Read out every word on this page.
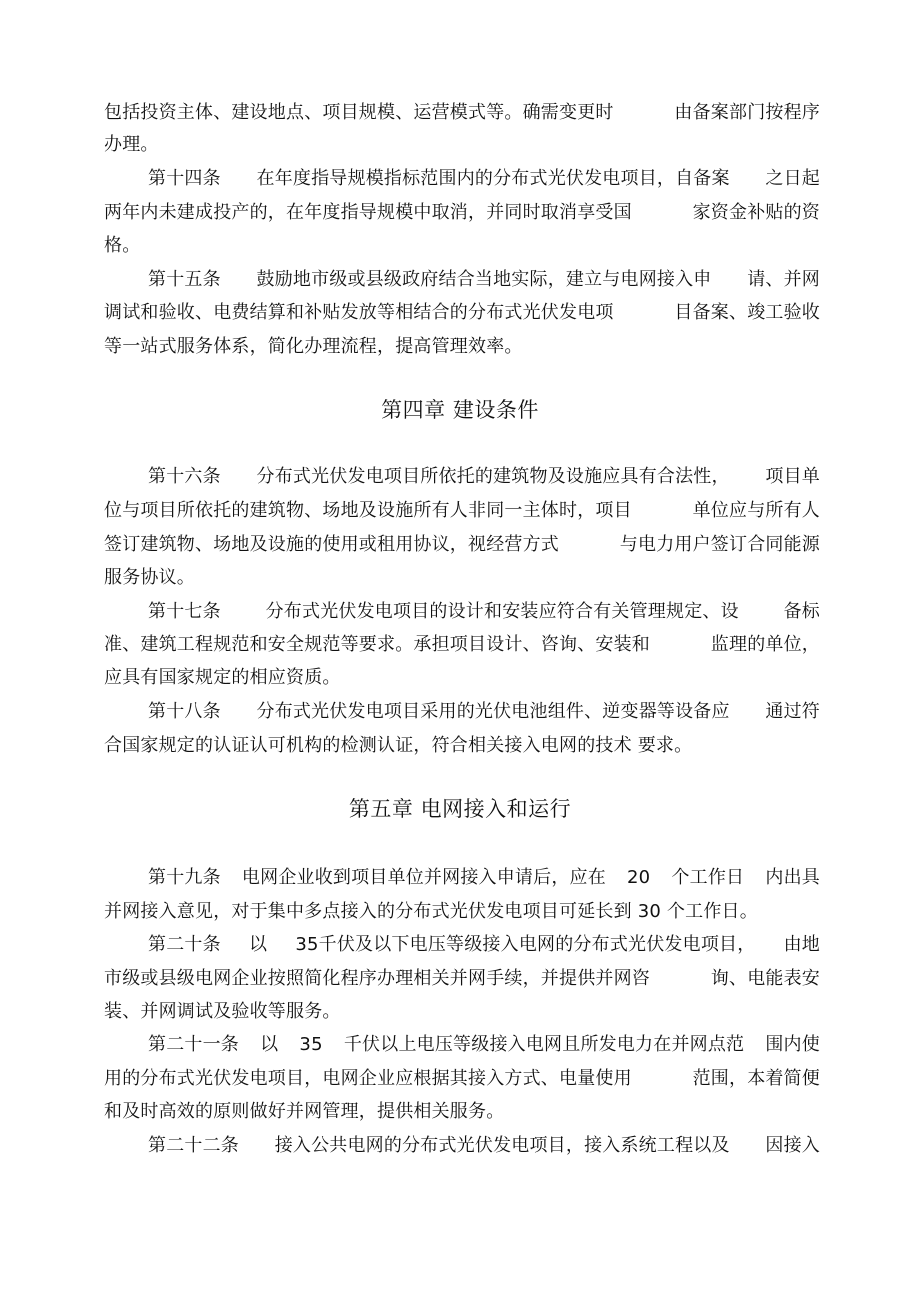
包括投资主体、建设地点、项目规模、运营模式等。确需变更时	由备案部门按程序
办理。
第十四条 在年度指导规模指标范围内的分布式光伏发电项目，自备案 之日起
两年内未建成投产的，在年度指导规模中取消，并同时取消享受国	家资金补贴的资
格。
第十五条 鼓励地市级或县级政府结合当地实际，建立与电网接入申 请、并网
调试和验收、电费结算和补贴发放等相结合的分布式光伏发电项	目备案、竣工验收
等一站式服务体系，简化办理流程，提高管理效率。
第四章 建设条件
第十六条 分布式光伏发电项目所依托的建筑物及设施应具有合法性， 项目单
位与项目所依托的建筑物、场地及设施所有人非同一主体时，项目	单位应与所有人
签订建筑物、场地及设施的使用或租用协议，视经营方式	与电力用户签订合同能源
服务协议。
第十七条 分布式光伏发电项目的设计和安装应符合有关管理规定、设 备标
准、建筑工程规范和安全规范等要求。承担项目设计、咨询、安装和	监理的单位，
应具有国家规定的相应资质。
第十八条 分布式光伏发电项目采用的光伏电池组件、逆变器等设备应 通过符
合国家规定的认证认可机构的检测认证，符合相关接入电网的技术 要求。
第五章 电网接入和运行
第十九条 电网企业收到项目单位并网接入申请后，应在 20 个工作日 内出具
并网接入意见，对于集中多点接入的分布式光伏发电项目可延长到 30 个工作日。
第二十条 以 35千伏及以下电压等级接入电网的分布式光伏发电项目， 由地
市级或县级电网企业按照简化程序办理相关并网手续，并提供并网咨	询、电能表安
装、并网调试及验收等服务。
第二十一条 以 35 千伏以上电压等级接入电网且所发电力在并网点范 围内使
用的分布式光伏发电项目，电网企业应根据其接入方式、电量使用	范围，本着简便
和及时高效的原则做好并网管理，提供相关服务。
第二十二条 接入公共电网的分布式光伏发电项目，接入系统工程以及 因接入
